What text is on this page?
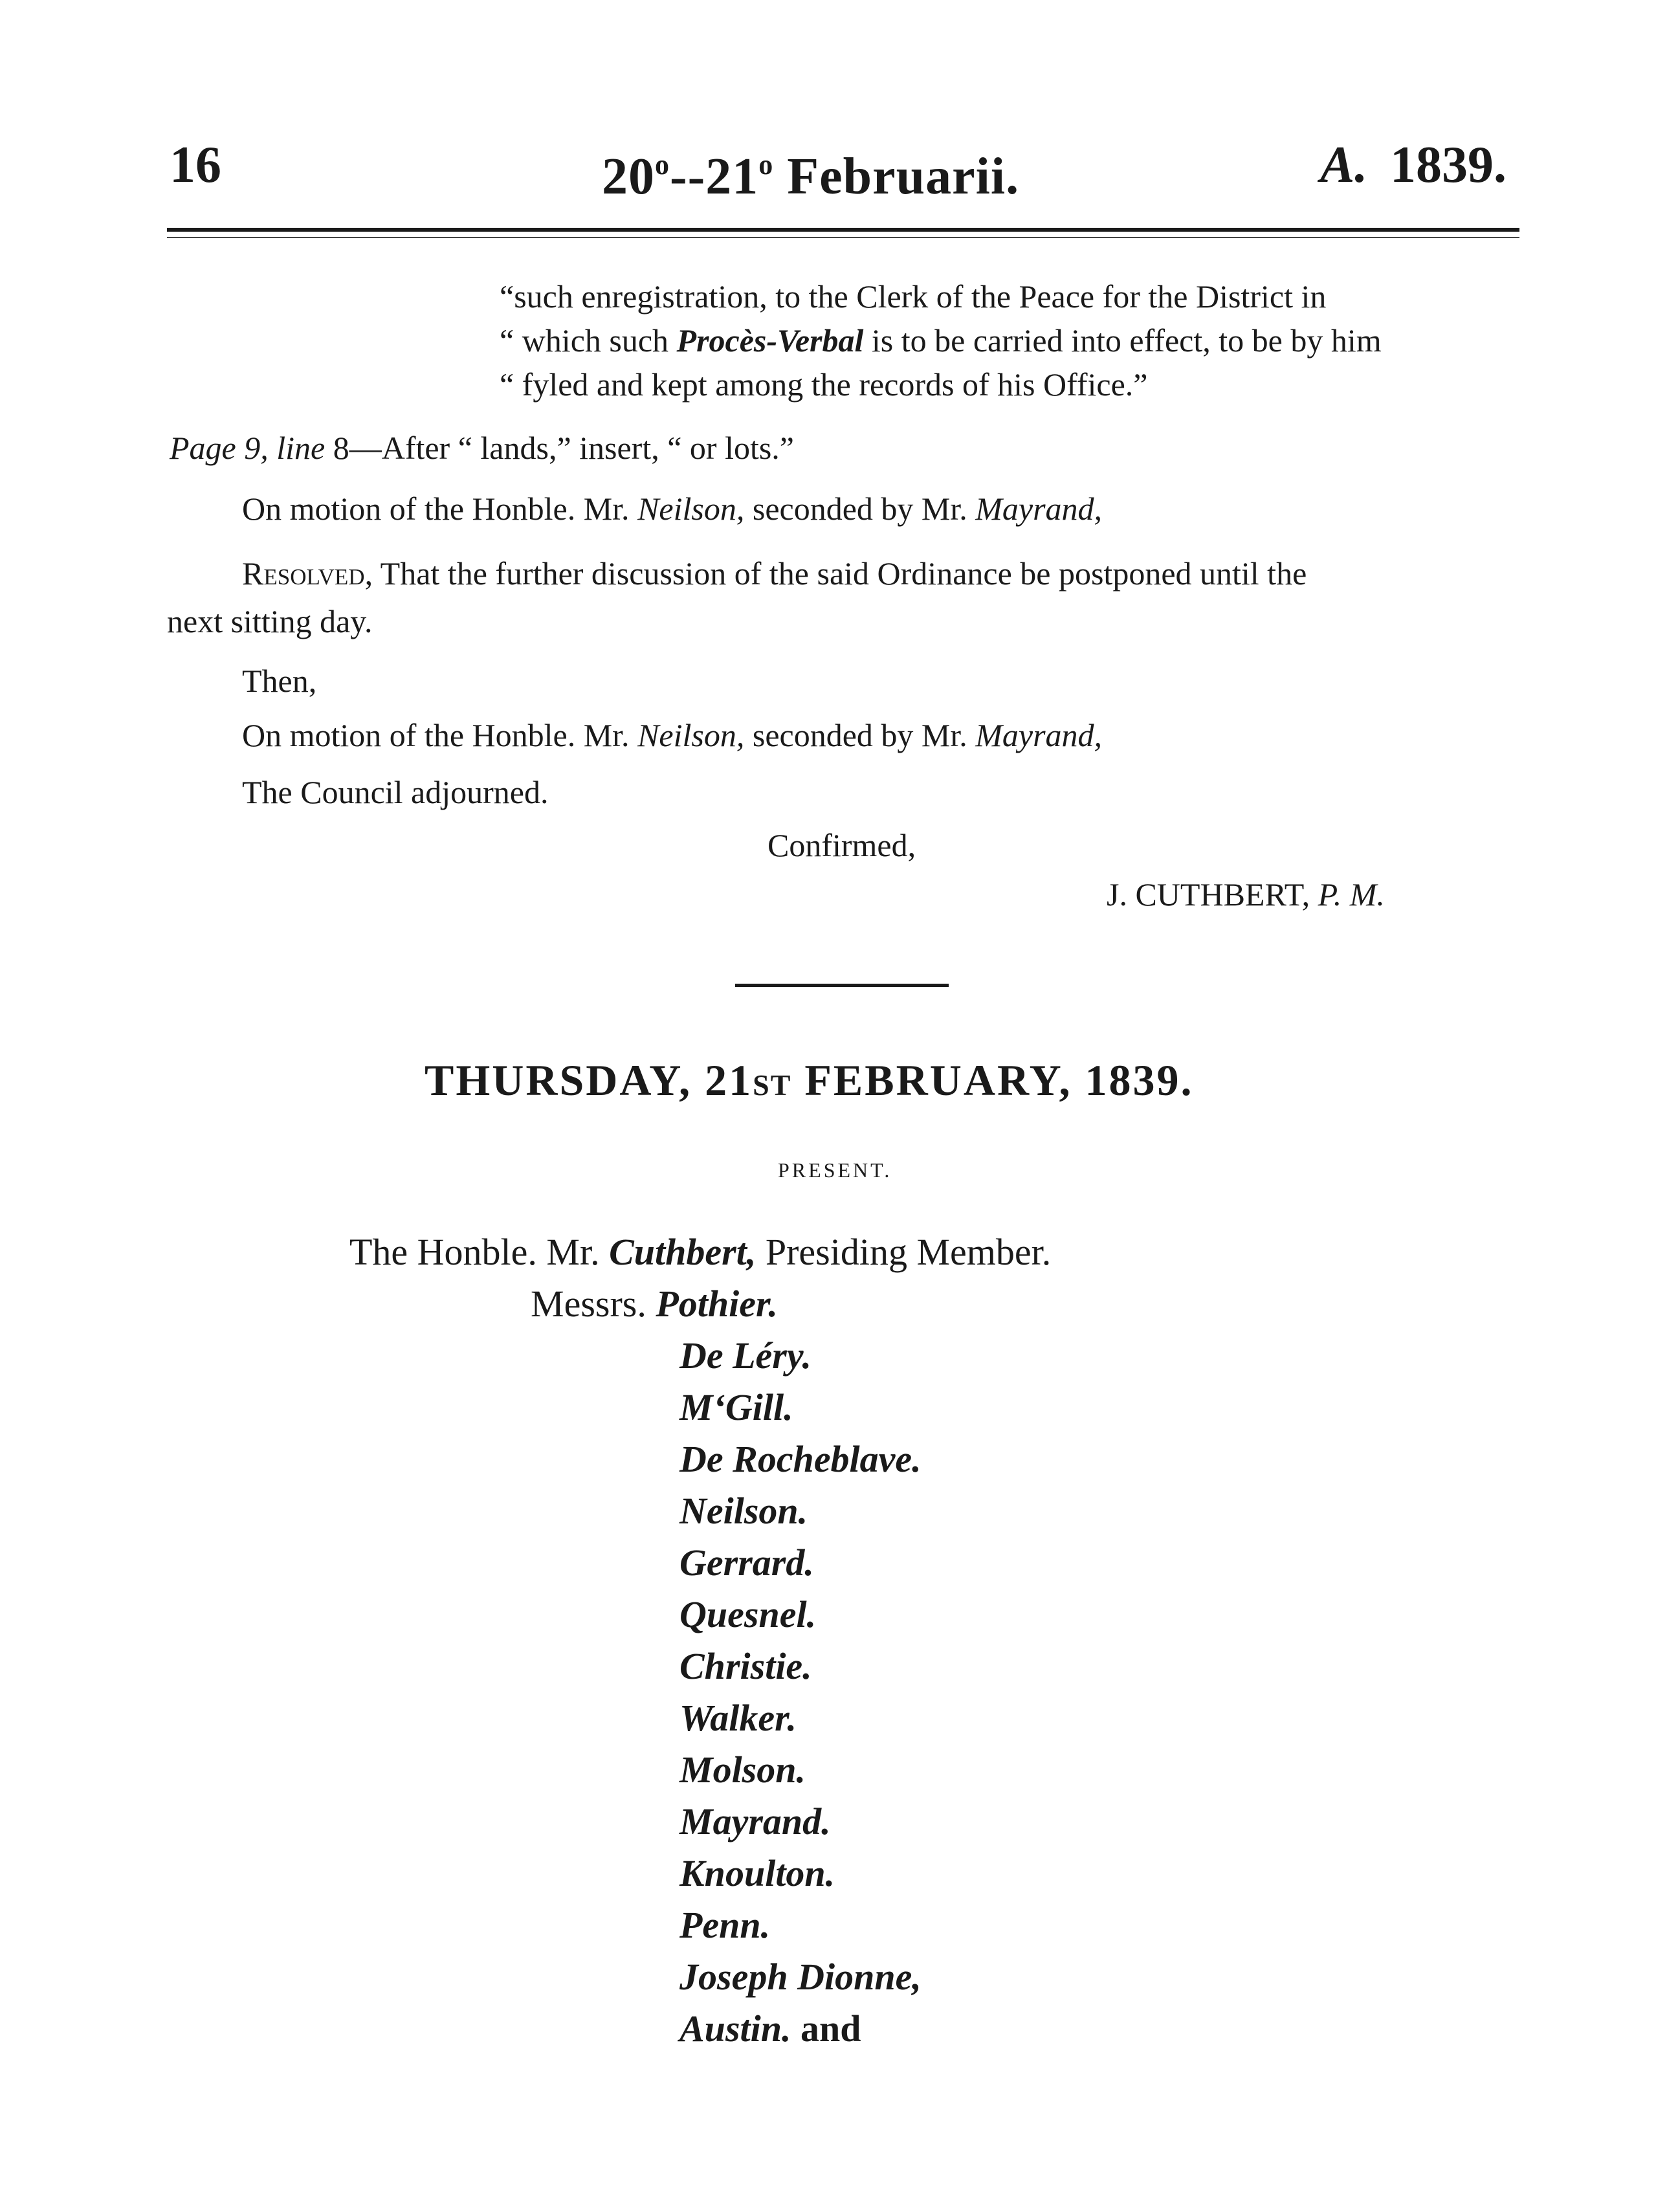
16	20$^o$--21$^o$ Februarii.	A. 1839.
“such enregistration, to the Clerk of the Peace for the District in
“ which such Procès-Verbal is to be carried into effect, to be by him
“ fyled and kept among the records of his Office.”
Page 9, line 8—After “ lands,” insert, “ or lots.”
On motion of the Honble. Mr. Neilson, seconded by Mr. Mayrand,
Resolved, That the further discussion of the said Ordinance be postponed until the
next sitting day.
Then,
On motion of the Honble. Mr. Neilson, seconded by Mr. Mayrand,
The Council adjourned.
Confirmed,
J. CUTHBERT, P. M.
THURSDAY, 21ST FEBRUARY, 1839.
PRESENT.
The Honble. Mr. Cuthbert, Presiding Member.
Messrs. Pothier.
De Léry.
M‘Gill.
De Rocheblave.
Neilson.
Gerrard.
Quesnel.
Christie.
Walker.
Molson.
Mayrand.
Knoulton.
Penn.
Joseph Dionne,
Austin. and
